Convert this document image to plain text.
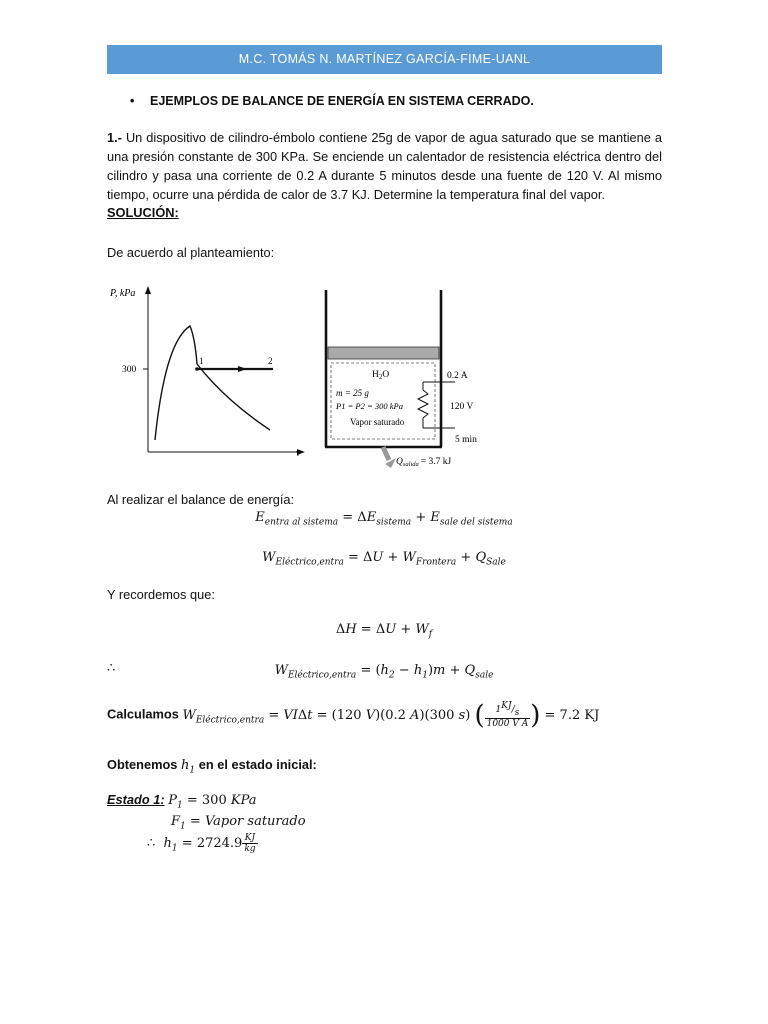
M.C. TOMÁS N. MARTÍNEZ GARCÍA-FIME-UANL
• EJEMPLOS DE BALANCE DE ENERGÍA EN SISTEMA CERRADO.
1.- Un dispositivo de cilindro-émbolo contiene 25g de vapor de agua saturado que se mantiene a una presión constante de 300 KPa. Se enciende un calentador de resistencia eléctrica dentro del cilindro y pasa una corriente de 0.2 A durante 5 minutos desde una fuente de 120 V. Al mismo tiempo, ocurre una pérdida de calor de 3.7 KJ. Determine la temperatura final del vapor.
SOLUCIÓN:
De acuerdo al planteamiento:
P, kPa
v
300
1	2
$H_2O$
m = 25 g
P1 = P2 = 300 kPa
Vapor saturado
0.2 A
120 V
5 min
$Q_{salida} = 3.7$ kJ
Al realizar el balance de energía:
$E_{entra al sistema} = \Delta E_{sistema} + E_{sale del sistema}$
$W_{Eléctrico,entra} = \Delta U + W_{Frontera} + Q_{Sale}$
Y recordemos que:
$\Delta H = \Delta U + W_f$
∴	$W_{Eléctrico,entra} = (h_2 - h_1)m + Q_{sale}$
Calculamos $W_{Eléctrico,entra} = VI\Delta t = (120$ V)(0.2 A)(300 s) ( $\frac{1^{KJ}/_s}{\text{1000 V A}}$ ) = 7.2 KJ
Obtenemos $h_1$ en el estado inicial:
Estado 1: $P_1 = 300$ KPa
$F_1$ = Vapor saturado
∴  $h_1 = 2724.9 \frac{KJ}{kg}$
